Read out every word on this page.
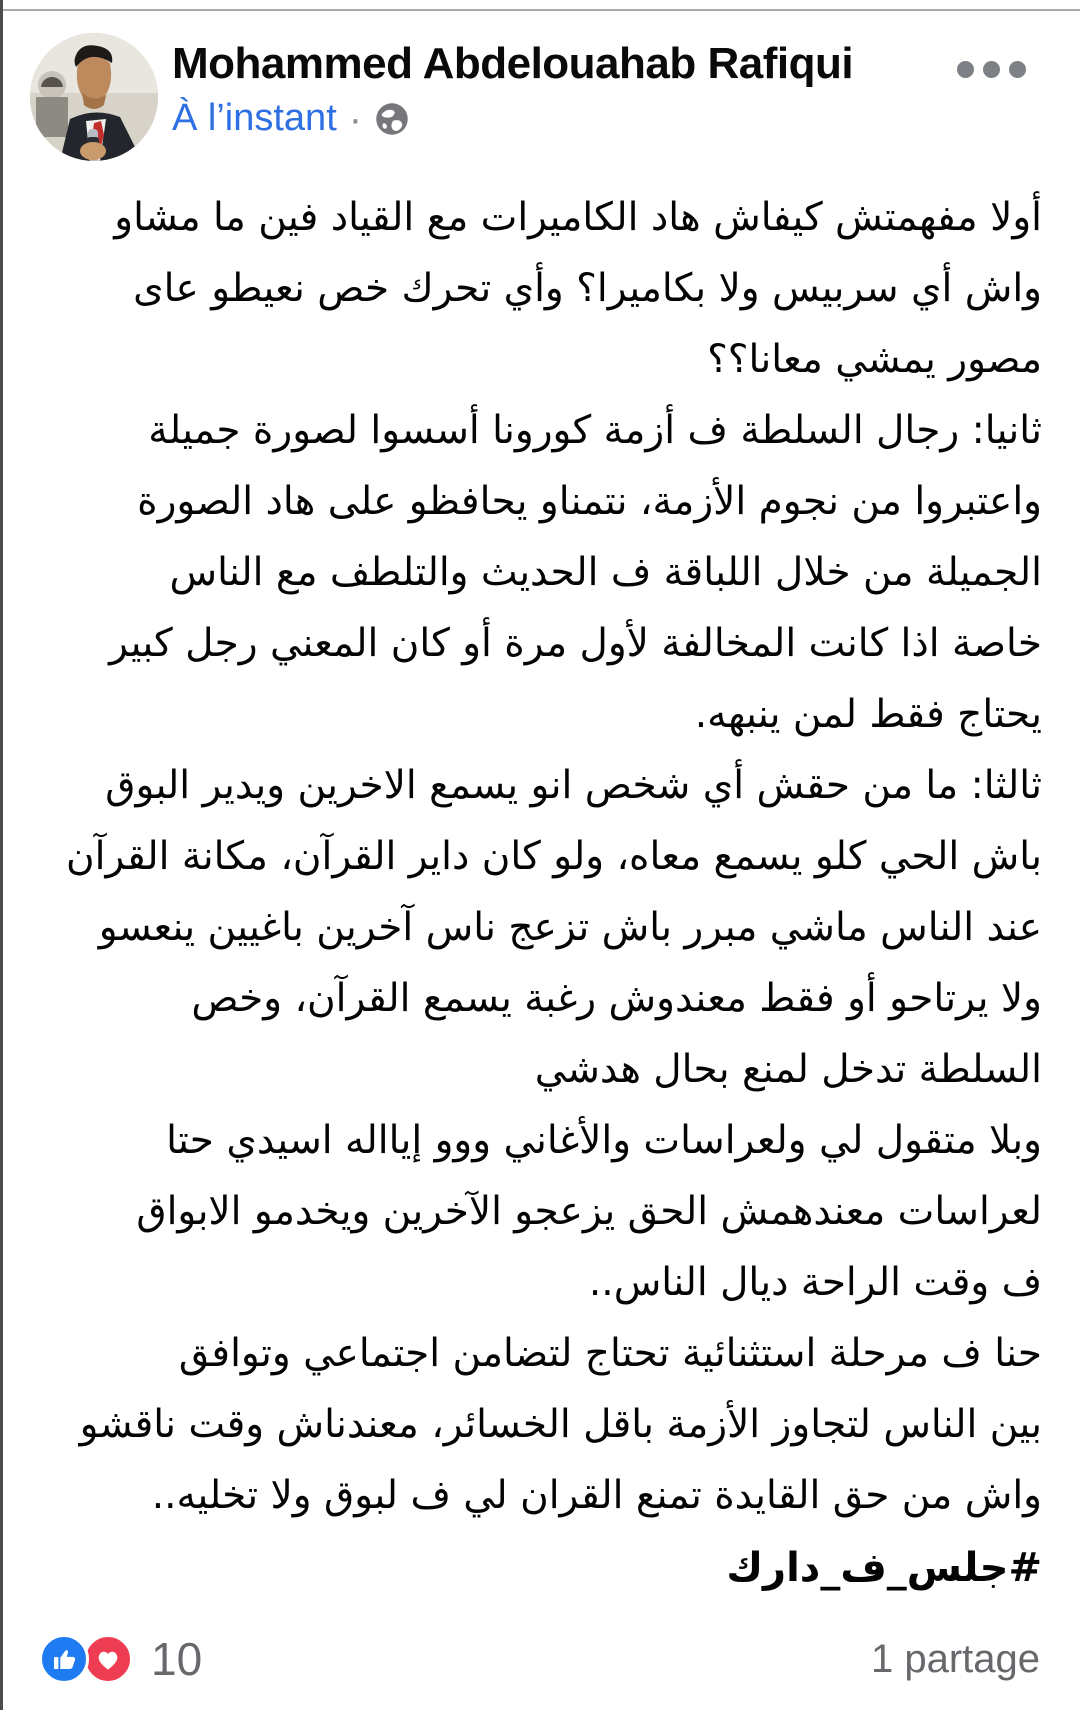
Mohammed Abdelouahab Rafiqui
À l’instant ·
أولا مفهمتش كيفاش هاد الكاميرات مع القياد فين ما مشاو
واش أي سربيس ولا بكاميرا؟ وأي تحرك خص نعيطو عاى
مصور يمشي معانا؟؟
ثانيا: رجال السلطة ف أزمة كورونا أسسوا لصورة جميلة
واعتبروا من نجوم الأزمة، نتمناو يحافظو على هاد الصورة
الجميلة من خلال اللباقة ف الحديث والتلطف مع الناس
خاصة اذا كانت المخالفة لأول مرة أو كان المعني رجل كبير
يحتاج فقط لمن ينبهه.
ثالثا: ما من حقش أي شخص انو يسمع الاخرين ويدير البوق
باش الحي كلو يسمع معاه، ولو كان داير القرآن، مكانة القرآن
عند الناس ماشي مبرر باش تزعج ناس آخرين باغيين ينعسو
ولا يرتاحو أو فقط معندوش رغبة يسمع القرآن، وخص
السلطة تدخل لمنع بحال هدشي
وبلا متقول لي ولعراسات والأغاني ووو إيااله اسيدي حتا
لعراسات معندهمش الحق يزعجو الآخرين ويخدمو الابواق
ف وقت الراحة ديال الناس..
حنا ف مرحلة استثنائية تحتاج لتضامن اجتماعي وتوافق
بين الناس لتجاوز الأزمة باقل الخسائر، معندناش وقت ناقشو
واش من حق القايدة تمنع القران لي ف لبوق ولا تخليه..
#جلس_ف_دارك
10	1 partage
